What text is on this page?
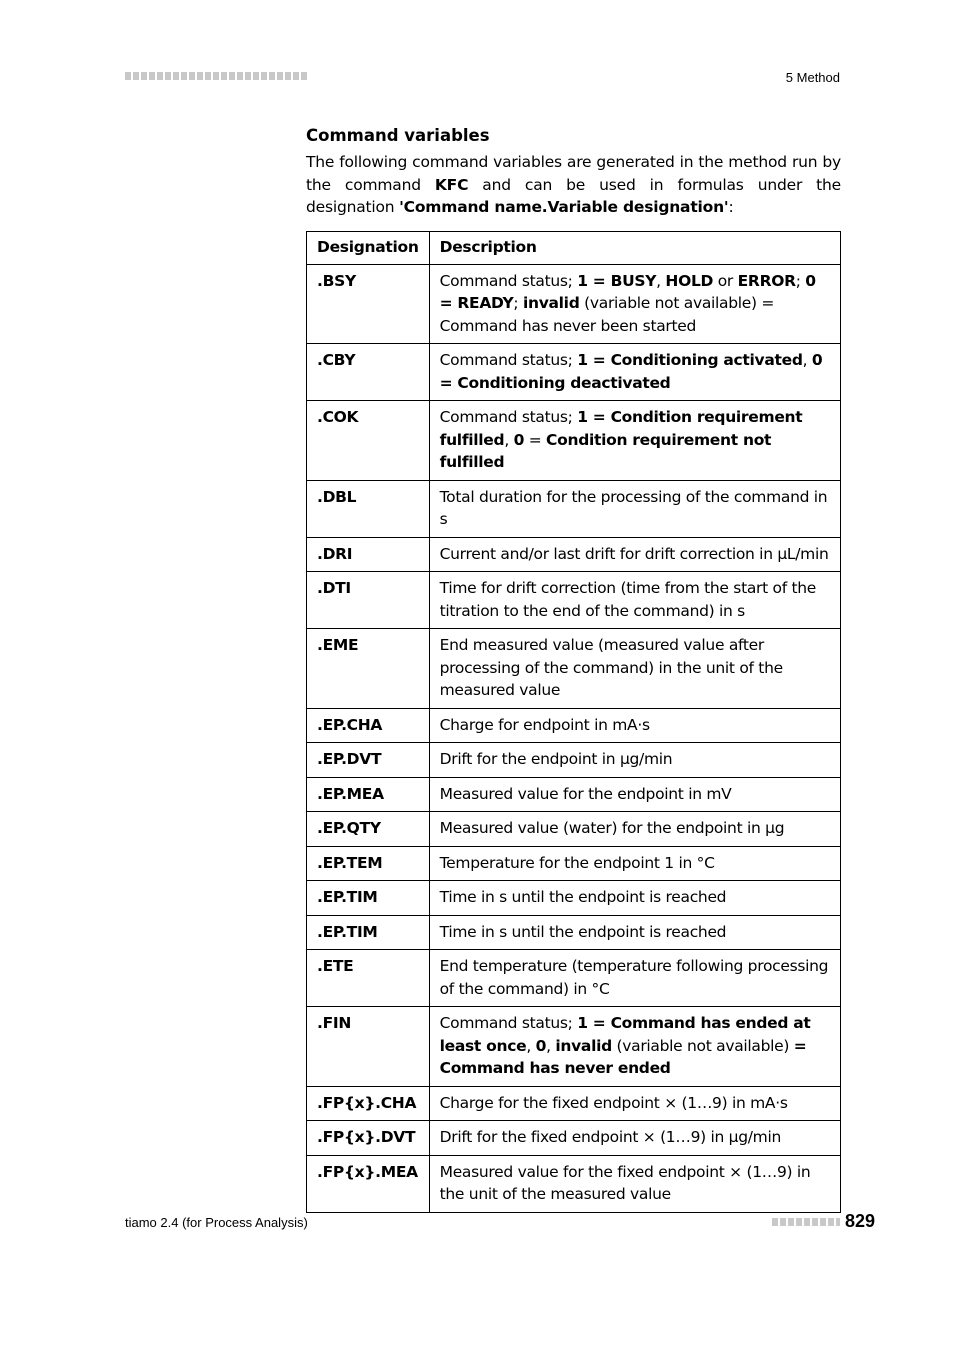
5 Method
Command variables

The following command variables are generated in the method run by the command KFC and can be used in formulas under the designation 'Command name.Variable designation':

Designation	Description
.BSY	Command status; 1 = BUSY, HOLD or ERROR; 0 = READY; invalid (variable not available) = Command has never been started
.CBY	Command status; 1 = Conditioning activated, 0 = Conditioning deactivated
.COK	Command status; 1 = Condition requirement fulfilled, 0 = Condition requirement not fulfilled
.DBL	Total duration for the processing of the command in s
.DRI	Current and/or last drift for drift correction in µL/min
.DTI	Time for drift correction (time from the start of the titration to the end of the command) in s
.EME	End measured value (measured value after processing of the command) in the unit of the measured value
.EP.CHA	Charge for endpoint in mA·s
.EP.DVT	Drift for the endpoint in µg/min
.EP.MEA	Measured value for the endpoint in mV
.EP.QTY	Measured value (water) for the endpoint in µg
.EP.TEM	Temperature for the endpoint 1 in °C
.EP.TIM	Time in s until the endpoint is reached
.EP.TIM	Time in s until the endpoint is reached
.ETE	End temperature (temperature following processing of the command) in °C
.FIN	Command status; 1 = Command has ended at least once, 0, invalid (variable not available) = Command has never ended
.FP{x}.CHA	Charge for the fixed endpoint × (1…9) in mA·s
.FP{x}.DVT	Drift for the fixed endpoint × (1…9) in µg/min
.FP{x}.MEA	Measured value for the fixed endpoint × (1…9) in the unit of the measured value
tiamo 2.4 (for Process Analysis)	829
